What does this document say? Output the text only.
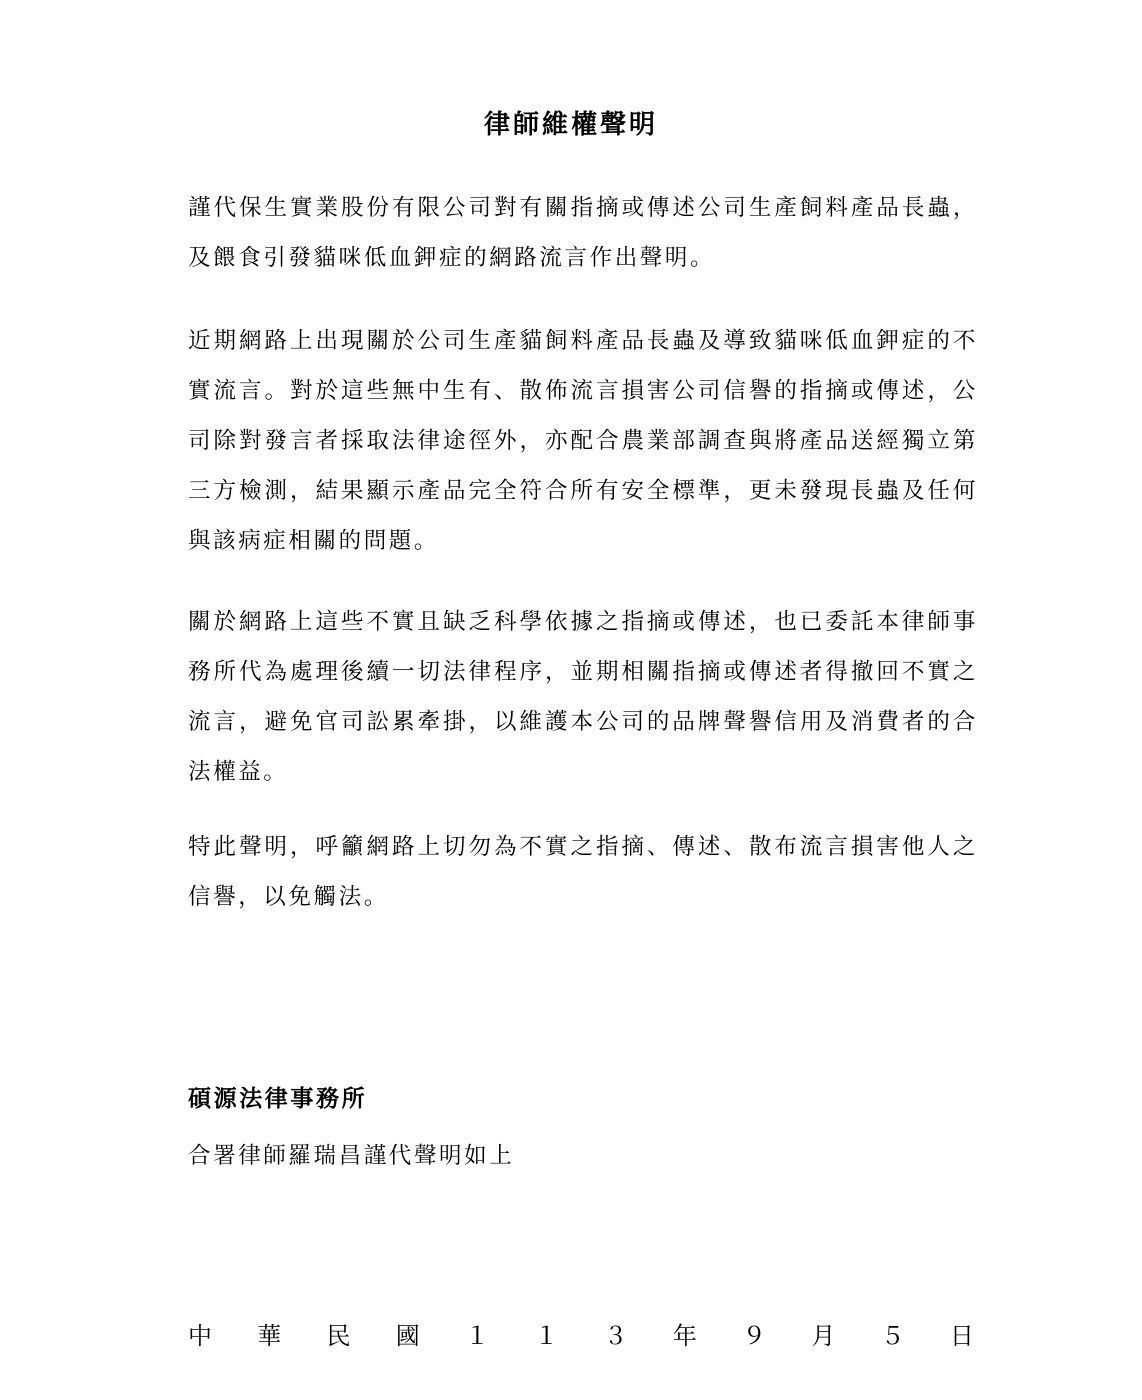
律師維權聲明

謹代保生實業股份有限公司對有關指摘或傳述公司生產飼料產品長蟲，及餵食引發貓咪低血鉀症的網路流言作出聲明。

近期網路上出現關於公司生產貓飼料產品長蟲及導致貓咪低血鉀症的不實流言。對於這些無中生有、散佈流言損害公司信譽的指摘或傳述，公司除對發言者採取法律途徑外，亦配合農業部調查與將產品送經獨立第三方檢測，結果顯示產品完全符合所有安全標準，更未發現長蟲及任何與該病症相關的問題。

關於網路上這些不實且缺乏科學依據之指摘或傳述，也已委託本律師事務所代為處理後續一切法律程序，並期相關指摘或傳述者得撤回不實之流言，避免官司訟累牽掛，以維護本公司的品牌聲譽信用及消費者的合法權益。

特此聲明，呼籲網路上切勿為不實之指摘、傳述、散布流言損害他人之信譽，以免觸法。

碩源法律事務所
合署律師羅瑞昌謹代聲明如上
中 華 民 國 １ １ ３ 年 ９ 月 ５ 日
